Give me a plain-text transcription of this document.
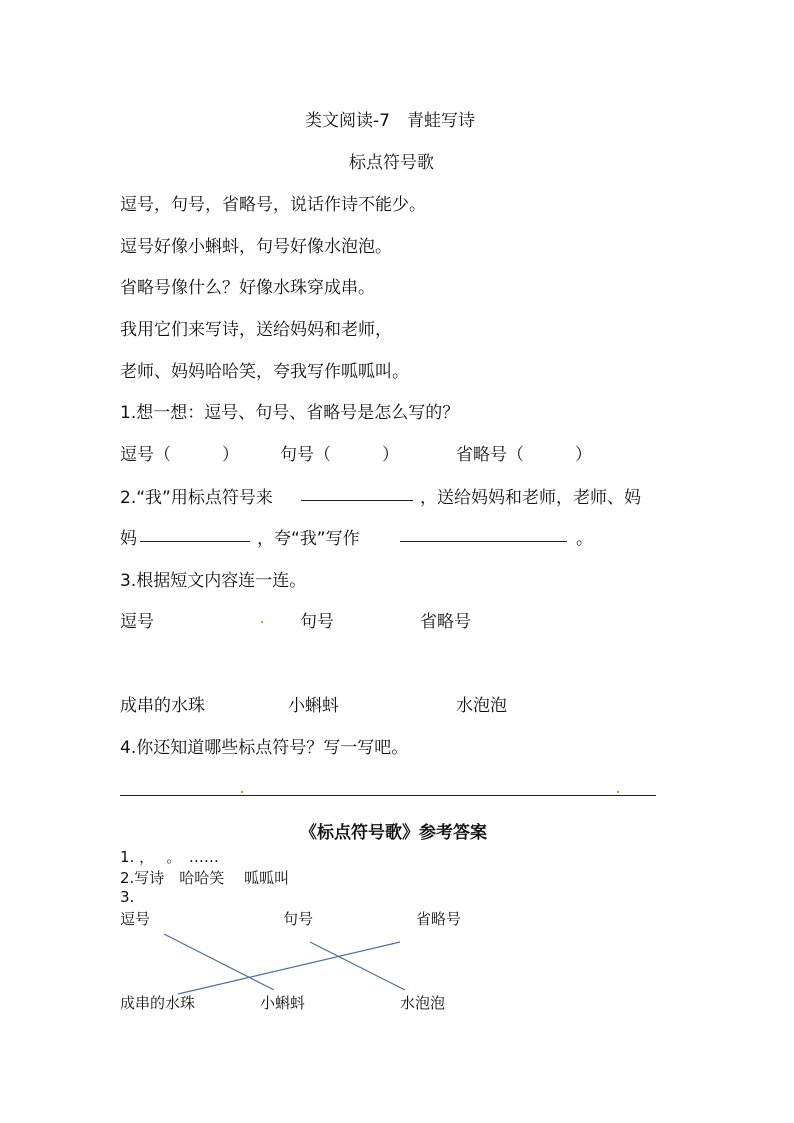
类文阅读-7　青蛙写诗
标点符号歌
逗号，句号，省略号，说话作诗不能少。
逗号好像小蝌蚪，句号好像水泡泡。
省略号像什么？好像水珠穿成串。
我用它们来写诗，送给妈妈和老师，
老师、妈妈哈哈笑，夸我写作呱呱叫。
1.想一想：逗号、句号、省略号是怎么写的？
逗号（　　　） 句号（　　　）	省略号（　　　）
2.“我”用标点符号来	，送给妈妈和老师，老师、妈
妈	，夸“我”写作	。
3.根据短文内容连一连。
逗号	句号	省略号
成串的水珠	小蝌蚪	水泡泡
4.你还知道哪些标点符号？写一写吧。
《标点符号歌》参考答案
1. ，　 。　……
2.写诗　哈哈笑　 呱呱叫
3.
逗号	句号	省略号
成串的水珠	小蝌蚪	水泡泡
